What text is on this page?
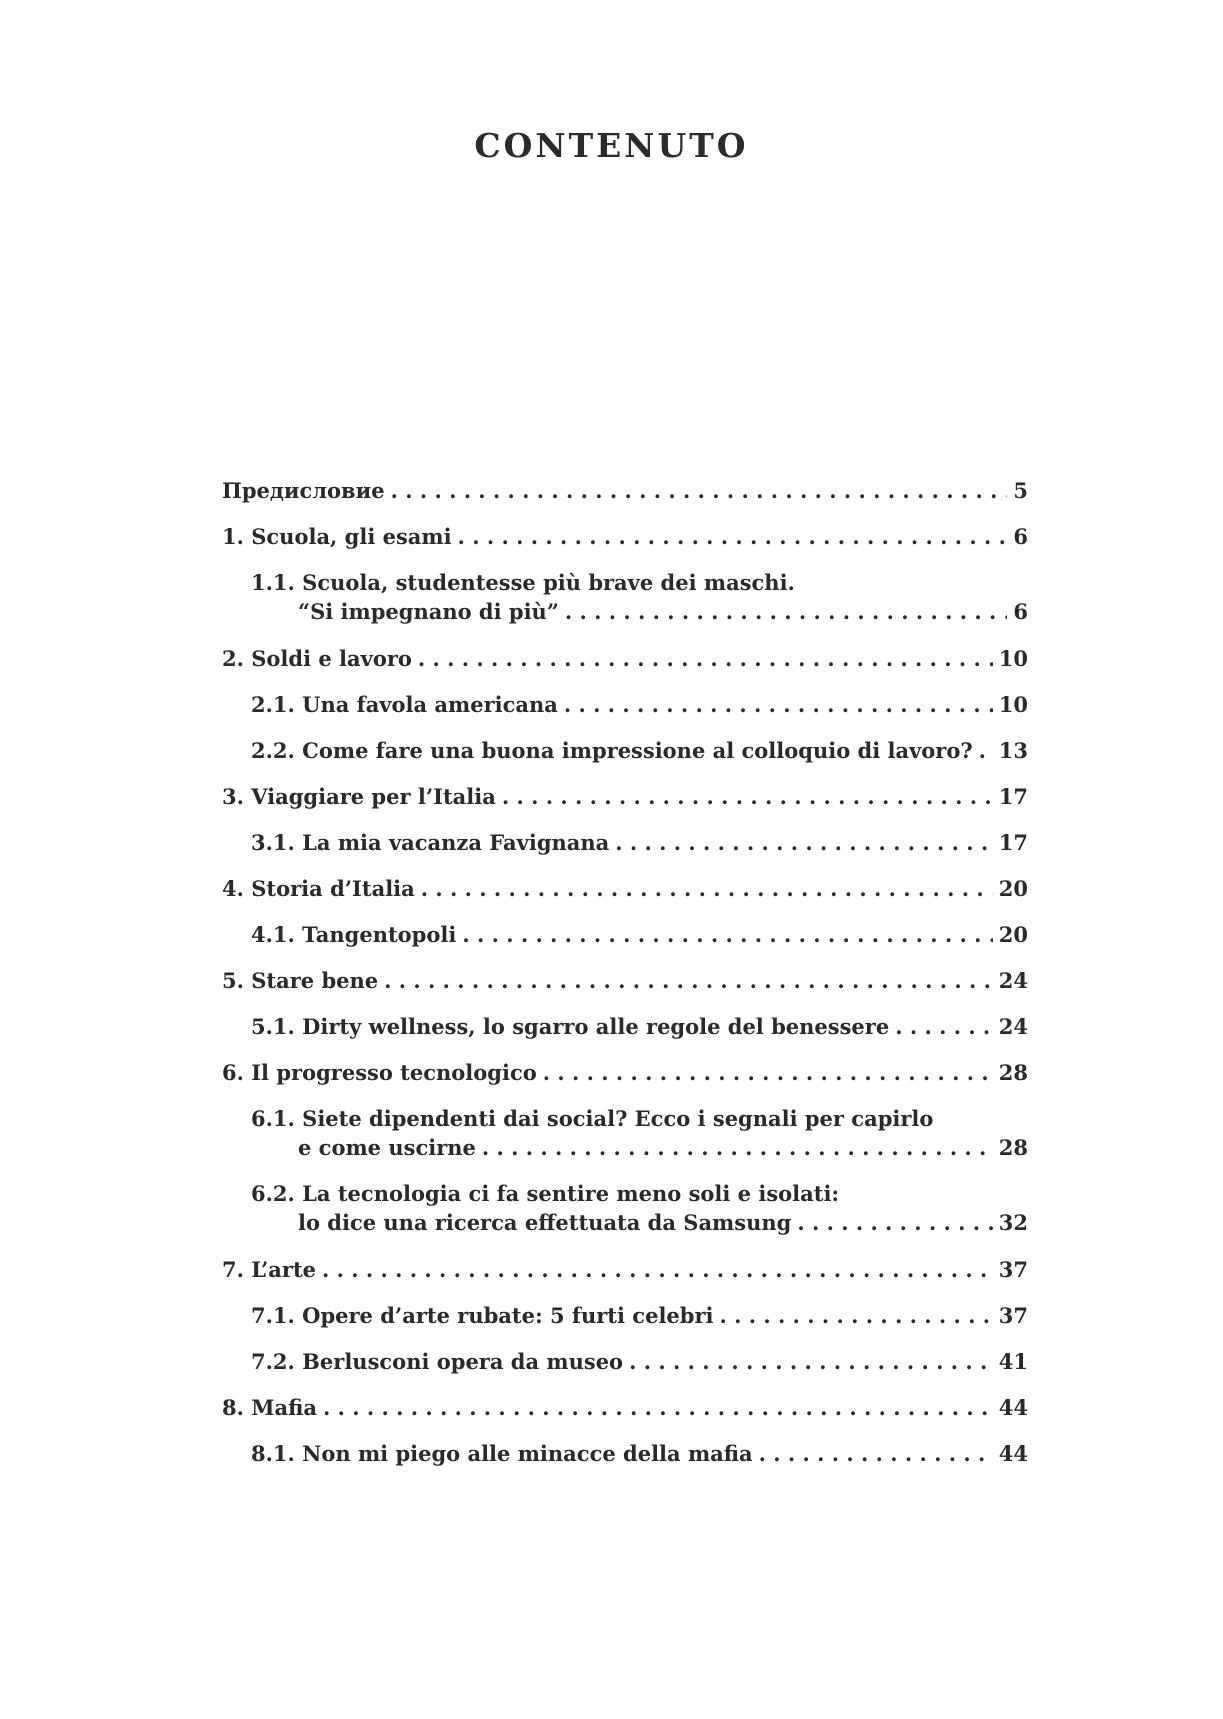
CONTENUTO
Предисловие . . .	5
1. Scuola, gli esami . . .	6
1.1. Scuola, studentesse più brave dei maschi.
“Si impegnano di più” . . .	6
2. Soldi e lavoro . . .	10
2.1. Una favola americana . . .	10
2.2. Come fare una buona impressione al colloquio di lavoro? . . . 13
3. Viaggiare per l’Italia . . .	17
3.1. La mia vacanza Favignana . . .	17
4. Storia d’Italia . . .	20
4.1. Tangentopoli . . .	20
5. Stare bene . . .	24
5.1. Dirty wellness, lo sgarro alle regole del benessere . . .	24
6. Il progresso tecnologico . . .	28
6.1. Siete dipendenti dai social? Ecco i segnali per capirlo
e come uscirne . . .	28
6.2. La tecnologia ci fa sentire meno soli e isolati:
lo dice una ricerca effettuata da Samsung . . .	32
7. L’arte . . .	37
7.1. Opere d’arte rubate: 5 furti celebri . . .	37
7.2. Berlusconi opera da museo . . .	41
8. Mafia . . .	44
8.1. Non mi piego alle minacce della mafia . . .	44
